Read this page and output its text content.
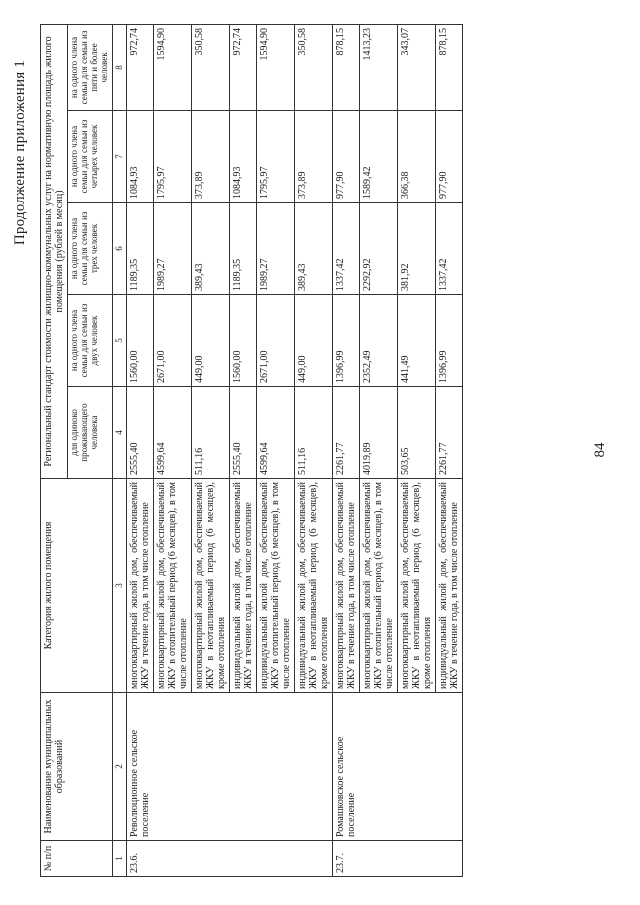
84
Продолжение приложения 1
№ п/п	Наименование муниципальных образований	Категория жилого помещения	Региональный стандарт стоимости жилищно-коммунальных услуг на нормативную площадь жилого помещения (рублей в месяц)				
			для одиноко проживающего человека	на одного члена семьи для семьи из двух человек	на одного члена семьи для семьи из трех человек	на одного члена семьи для семьи из четырех человек	на одного члена семьи для семьи из пяти и более человек
1	2	3	4	5	6	7	8
23.6.	Революционное сельское поселение	многоквартирный жилой дом, обеспечиваемый ЖКУ в течение года, в том числе отопление	2555,40	1560,00	1189,35	1084,93	972,74
		многоквартирный жилой дом, обеспечиваемый ЖКУ в отопительный период (6 месяцев), в том числе отопление	4599,64	2671,00	1989,27	1795,97	1594,90
		многоквартирный жилой дом, обеспечиваемый ЖКУ в неотапливаемый период (6 месяцев), кроме отопления	511,16	449,00	389,43	373,89	350,58
		индивидуальный жилой дом, обеспечиваемый ЖКУ в течение года, в том числе отопление	2555,40	1560,00	1189,35	1084,93	972,74
		индивидуальный жилой дом, обеспечиваемый ЖКУ в отопительный период (6 месяцев), в том числе отопление	4599,64	2671,00	1989,27	1795,97	1594,90
		индивидуальный жилой дом, обеспечиваемый ЖКУ в неотапливаемый период (6 месяцев), кроме отопления	511,16	449,00	389,43	373,89	350,58
23.7.	Ромашковское сельское поселение	многоквартирный жилой дом, обеспечиваемый ЖКУ в течение года, в том числе отопление	2261,77	1396,99	1337,42	977,90	878,15
		многоквартирный жилой дом, обеспечиваемый ЖКУ в отопительный период (6 месяцев), в том числе отопление	4019,89	2352,49	2292,92	1589,42	1413,23
		многоквартирный жилой дом, обеспечиваемый ЖКУ в неотапливаемый период (6 месяцев), кроме отопления	503,65	441,49	381,92	366,38	343,07
		индивидуальный жилой дом, обеспечиваемый ЖКУ в течение года, в том числе отопление	2261,77	1396,99	1337,42	977,90	878,15
